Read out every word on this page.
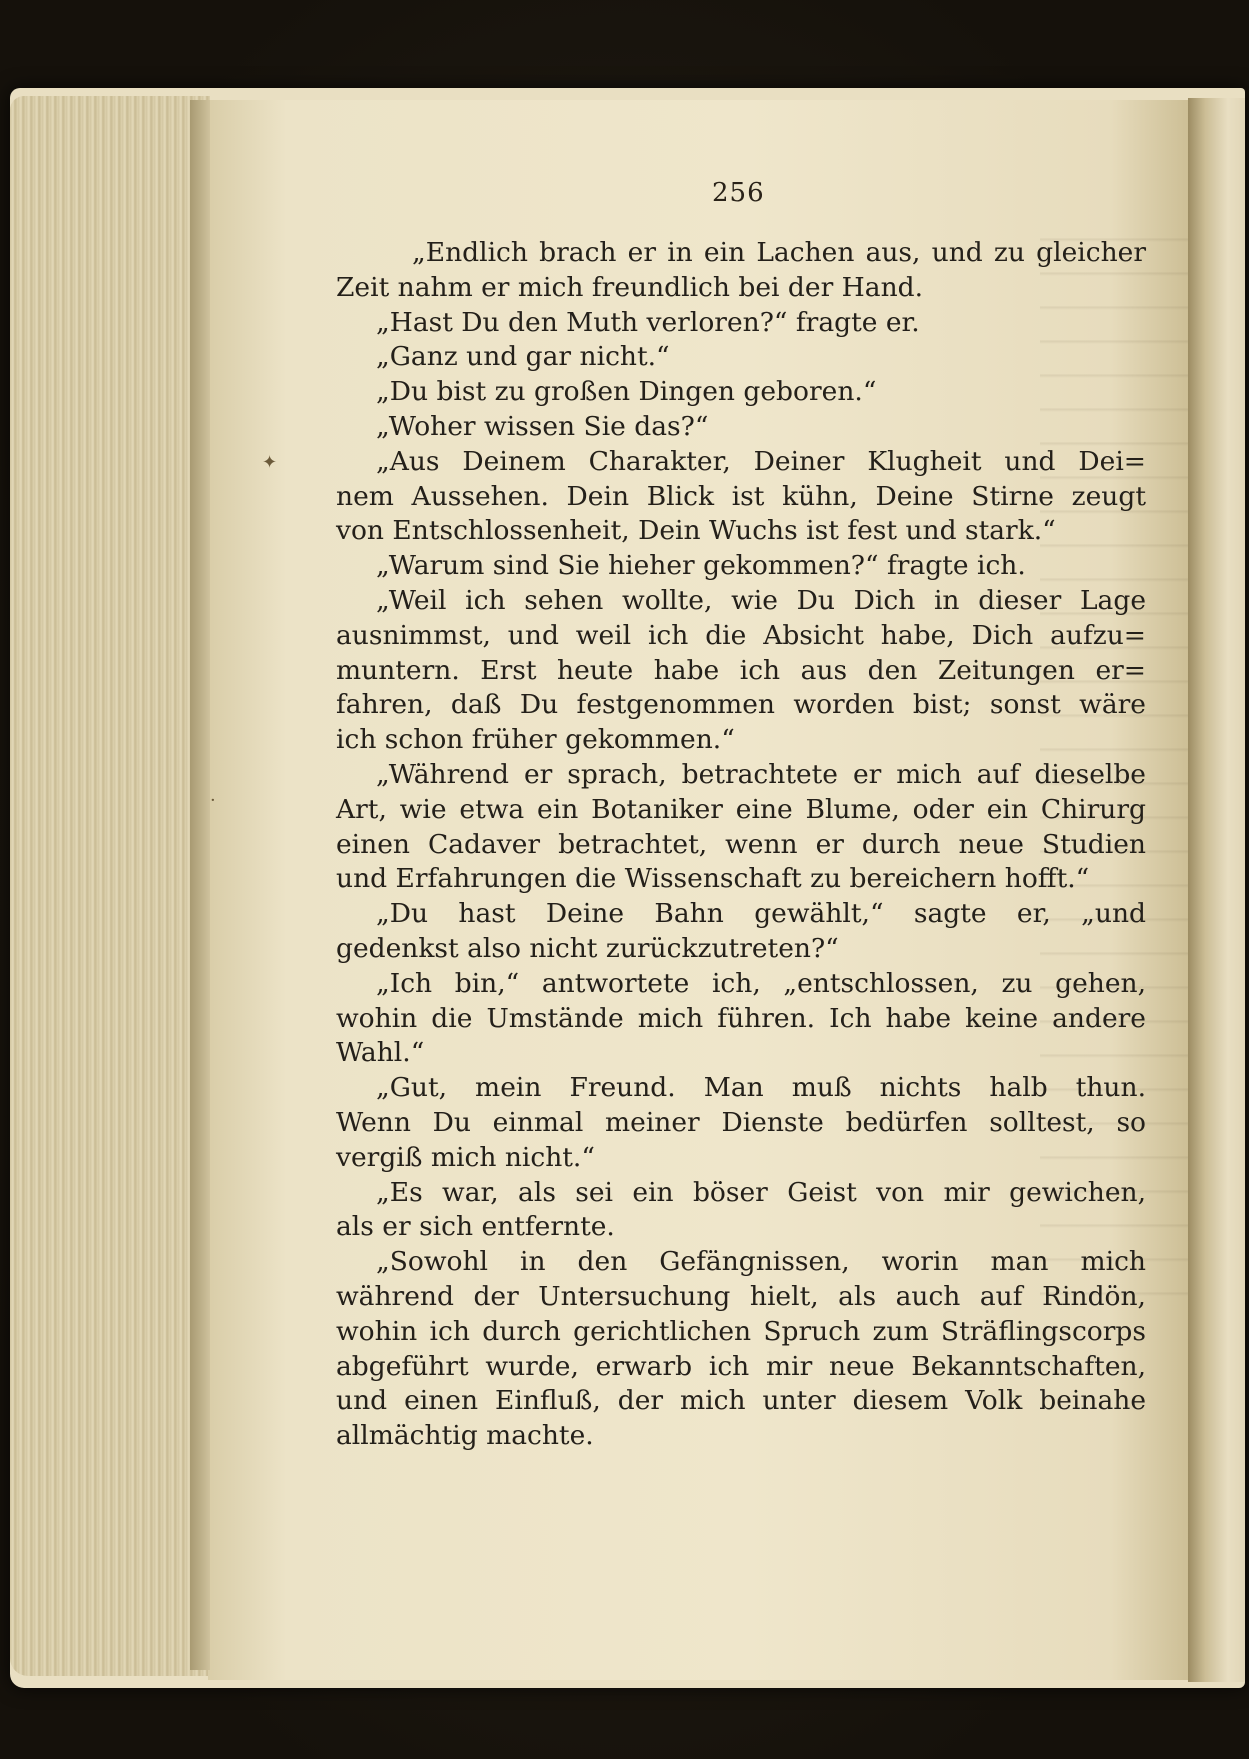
✦
·

256

„Endlich brach er in ein Lachen aus, und zu gleicher
Zeit nahm er mich freundlich bei der Hand.
„Hast Du den Muth verloren?“ fragte er.
„Ganz und gar nicht.“
„Du bist zu großen Dingen geboren.“
„Woher wissen Sie das?“
„Aus Deinem Charakter, Deiner Klugheit und Dei=
nem Aussehen. Dein Blick ist kühn, Deine Stirne zeugt
von Entschlossenheit, Dein Wuchs ist fest und stark.“
„Warum sind Sie hieher gekommen?“ fragte ich.
„Weil ich sehen wollte, wie Du Dich in dieser Lage
ausnimmst, und weil ich die Absicht habe, Dich aufzu=
muntern. Erst heute habe ich aus den Zeitungen er=
fahren, daß Du festgenommen worden bist; sonst wäre
ich schon früher gekommen.“
„Während er sprach, betrachtete er mich auf dieselbe
Art, wie etwa ein Botaniker eine Blume, oder ein Chirurg
einen Cadaver betrachtet, wenn er durch neue Studien
und Erfahrungen die Wissenschaft zu bereichern hofft.“
„Du hast Deine Bahn gewählt,“ sagte er, „und
gedenkst also nicht zurückzutreten?“
„Ich bin,“ antwortete ich, „entschlossen, zu gehen,
wohin die Umstände mich führen. Ich habe keine andere
Wahl.“
„Gut, mein Freund. Man muß nichts halb thun.
Wenn Du einmal meiner Dienste bedürfen solltest, so
vergiß mich nicht.“
„Es war, als sei ein böser Geist von mir gewichen,
als er sich entfernte.
„Sowohl in den Gefängnissen, worin man mich
während der Untersuchung hielt, als auch auf Rindön,
wohin ich durch gerichtlichen Spruch zum Sträflingscorps
abgeführt wurde, erwarb ich mir neue Bekanntschaften,
und einen Einfluß, der mich unter diesem Volk beinahe
allmächtig machte.
